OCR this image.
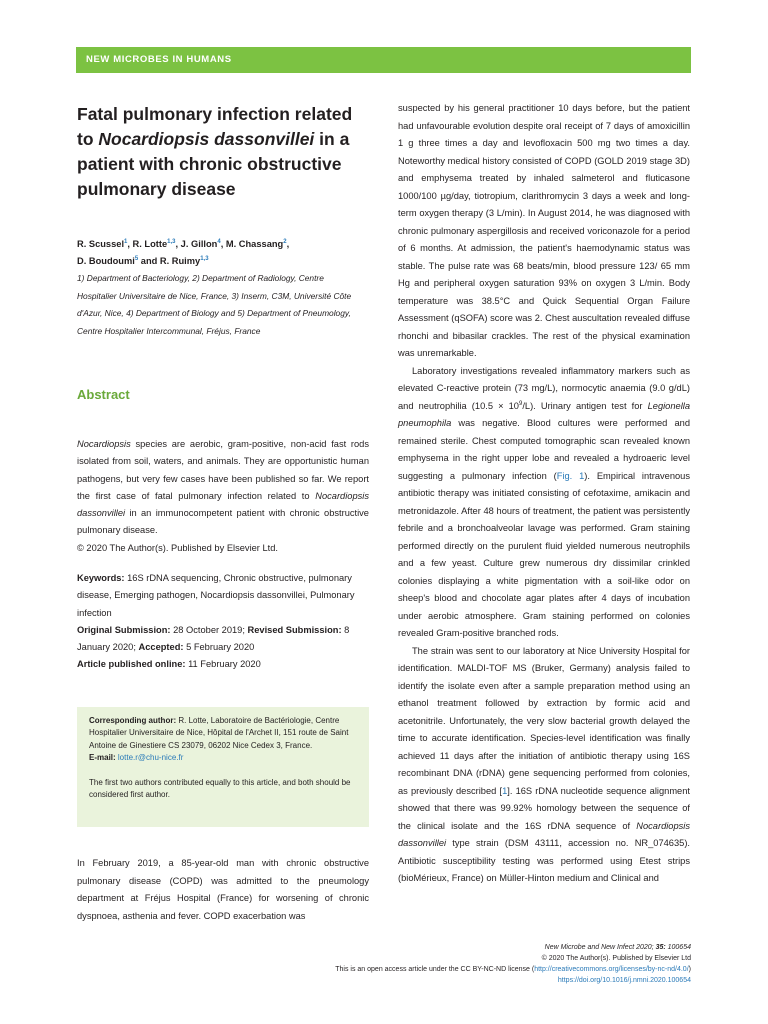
NEW MICROBES IN HUMANS
Fatal pulmonary infection related
to Nocardiopsis dassonvillei in a
patient with chronic obstructive
pulmonary disease
R. Scussel$^1$, R. Lotte$^{1,3}$, J. Gillon$^4$, M. Chassang$^2$,
D. Boudoumi$^5$ and R. Ruimy$^{1,3}$
1) Department of Bacteriology, 2) Department of Radiology, Centre
Hospitalier Universitaire de Nice, France, 3) Inserm, C3M, Université Côte
d'Azur, Nice, 4) Department of Biology and 5) Department of Pneumology,
Centre Hospitalier Intercommunal, Fréjus, France
Abstract
Nocardiopsis species are aerobic, gram-positive, non-acid fast rods isolated from soil, waters, and animals. They are opportunistic human pathogens, but very few cases have been published so far. We report the first case of fatal pulmonary infection related to Nocardiopsis dassonvillei in an immunocompetent patient with chronic obstructive pulmonary disease.
© 2020 The Author(s). Published by Elsevier Ltd.
Keywords: 16S rDNA sequencing, Chronic obstructive, pulmonary disease, Emerging pathogen, Nocardiopsis dassonvillei, Pulmonary infection
Original Submission: 28 October 2019; Revised Submission: 8 January 2020; Accepted: 5 February 2020
Article published online: 11 February 2020

Corresponding author: R. Lotte, Laboratoire de Bactériologie, Centre Hospitalier Universitaire de Nice, Hôpital de l'Archet II, 151 route de Saint Antoine de Ginestiere CS 23079, 06202 Nice Cedex 3, France.

E-mail: lotte.r@chu-nice.fr

The first two authors contributed equally to this article, and both should be considered first author.

In February 2019, a 85-year-old man with chronic obstructive pulmonary disease (COPD) was admitted to the pneumology department at Fréjus Hospital (France) for worsening of chronic dyspnoea, asthenia and fever. COPD exacerbation was

suspected by his general practitioner 10 days before, but the patient had unfavourable evolution despite oral receipt of 7 days of amoxicillin 1 g three times a day and levofloxacin 500 mg two times a day. Noteworthy medical history consisted of COPD (GOLD 2019 stage 3D) and emphysema treated by inhaled salmeterol and fluticasone 1000/100 µg/day, tiotropium, clarithromycin 3 days a week and long-term oxygen therapy (3 L/min). In August 2014, he was diagnosed with chronic pulmonary aspergillosis and received voriconazole for a period of 6 months. At admission, the patient's haemodynamic status was stable. The pulse rate was 68 beats/min, blood pressure 123/ 65 mm Hg and peripheral oxygen saturation 93% on oxygen 3 L/min. Body temperature was 38.5°C and Quick Sequential Organ Failure Assessment (qSOFA) score was 2. Chest auscultation revealed diffuse rhonchi and bibasilar crackles. The rest of the physical examination was unremarkable.

Laboratory investigations revealed inflammatory markers such as elevated C-reactive protein (73 mg/L), normocytic anaemia (9.0 g/dL) and neutrophilia $(10.5 \times 10^9/L)$. Urinary antigen test for Legionella pneumophila was negative. Blood cultures were performed and remained sterile. Chest computed tomographic scan revealed known emphysema in the right upper lobe and revealed a hydroaeric level suggesting a pulmonary infection (Fig. 1). Empirical intravenous antibiotic therapy was initiated consisting of cefotaxime, amikacin and metronidazole. After 48 hours of treatment, the patient was persistently febrile and a bronchoalveolar lavage was performed. Gram staining performed directly on the purulent fluid yielded numerous neutrophils and a few yeast. Culture grew numerous dry dissimilar crinkled colonies displaying a white pigmentation with a soil-like odor on sheep's blood and chocolate agar plates after 4 days of incubation under aerobic atmosphere. Gram staining performed on colonies revealed Gram-positive branched rods.

The strain was sent to our laboratory at Nice University Hospital for identification. MALDI-TOF MS (Bruker, Germany) analysis failed to identify the isolate even after a sample preparation method using an ethanol treatment followed by extraction by formic acid and acetonitrile. Unfortunately, the very slow bacterial growth delayed the time to accurate identification. Species-level identification was finally achieved 11 days after the initiation of antibiotic therapy using 16S recombinant DNA (rDNA) gene sequencing performed from colonies, as previously described [1]. 16S rDNA nucleotide sequence alignment showed that there was 99.92% homology between the sequence of the clinical isolate and the 16S rDNA sequence of Nocardiopsis dassonvillei type strain (DSM 43111, accession no. NR_074635). Antibiotic susceptibility testing was performed using Etest strips (bioMérieux, France) on Müller-Hinton medium and Clinical and

New Microbe and New Infect 2020; 35: 100654
© 2020 The Author(s). Published by Elsevier Ltd
This is an open access article under the CC BY-NC-ND license (http://creativecommons.org/licenses/by-nc-nd/4.0/)
https://doi.org/10.1016/j.nmni.2020.100654
